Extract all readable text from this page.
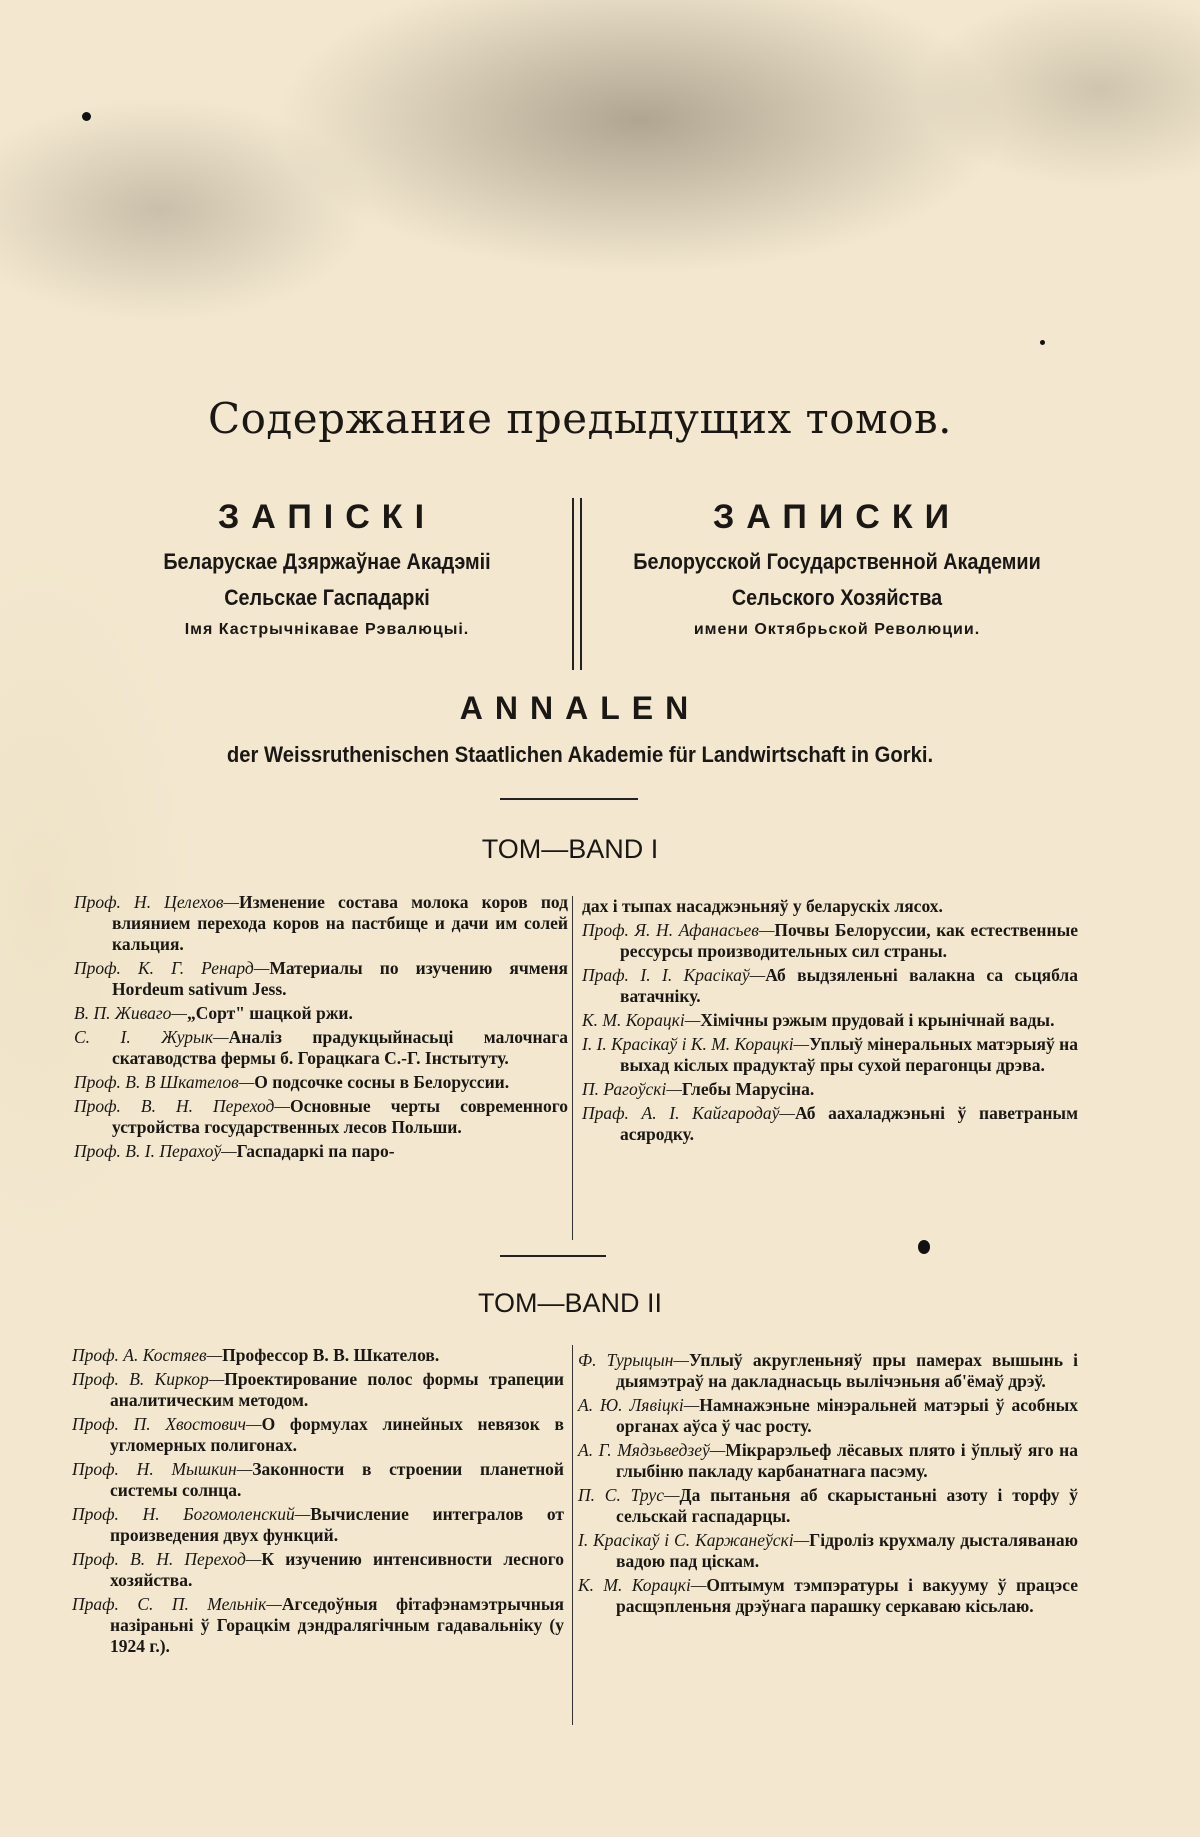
Содержание предыдущих томов.
ЗАПІСКІ
Беларускае Дзяржаўнае Акадэміі
Сельскае Гаспадаркі
Імя Кастрычнікавае Рэвалюцыі.
ЗАПИСКИ
Белорусской Государственной Академии
Сельского Хозяйства
имени Октябрьской Революции.
ANNALEN
der Weissruthenischen Staatlichen Akademie für Landwirtschaft in Gorki.
TOM—BAND I
Проф. Н. Целехов—Изменение состава молока коров под влиянием перехода коров на пастбище и дачи им солей кальция.
Проф. К. Г. Ренард—Материалы по изучению ячменя Hordeum sativum Jess.
В. П. Живаго—„Сорт" шацкой ржи.
С. І. Журык—Аналіз прадукцыйнасьці малочнага скатаводства фермы б. Горацкага С.-Г. Інстытуту.
Проф. В. В Шкателов—О подсочке сосны в Белоруссии.
Проф. В. Н. Переход—Основные черты современного устройства государственных лесов Польши.
Проф. В. І. Перахоў—Гаспадаркі па паро-
дах і тыпах насаджэньняў у беларускіх лясох.
Проф. Я. Н. Афанасьев—Почвы Белоруссии, как естественные рессурсы производительных сил страны.
Праф. І. І. Красікаў—Аб выдзяленьні валакна са сьцябла ватачніку.
К. М. Корацкі—Хімічны рэжым прудовай і крынічнай вады.
І. І. Красікаў і К. М. Корацкі—Уплыў мінеральных матэрыяў на выхад кіслых прадуктаў пры сухой перагонцы дрэва.
П. Рагоўскі—Глебы Марусіна.
Праф. А. І. Кайгародаў—Аб аахаладжэньні ў паветраным асяродку.
TOM—BAND II
Проф. А. Костяев—Профессор В. В. Шкателов.
Проф. В. Киркор—Проектирование полос формы трапеции аналитическим методом.
Проф. П. Хвостович—О формулах линейных невязок в угломерных полигонах.
Проф. Н. Мышкин—Законности в строении планетной системы солнца.
Проф. Н. Богомоленский—Вычисление интегралов от произведения двух функций.
Проф. В. Н. Переход—К изучению интенсивности лесного хозяйства.
Праф. С. П. Мельнік—Агседоўныя фітафэнамэтрычныя назіраньні ў Горацкім дэндралягічным гадавальніку (у 1924 г.).
Ф. Турыцын—Уплыў акругленьняў пры памерах вышынь і дыямэтраў на дакладнасьць вылічэньня аб'ёмаў дрэў.
А. Ю. Лявіцкі—Намнажэньне мінэральней матэрыі ў асобных органах аўса ў час росту.
А. Г. Мядзьведзеў—Мікрарэльеф лёсавых плято і ўплыў яго на глыбіню пакладу карбанатнага пасэму.
П. С. Трус—Да пытаньня аб скарыстаньні азоту і торфу ў сельскай гаспадарцы.
І. Красікаў і С. Каржанеўскі—Гідроліз крухмалу дысталяванаю вадою пад ціскам.
К. М. Корацкі—Оптымум тэмпэратуры і вакууму ў працэсе расщэпленьня дрэўнага парашку серкаваю кісьлаю.
